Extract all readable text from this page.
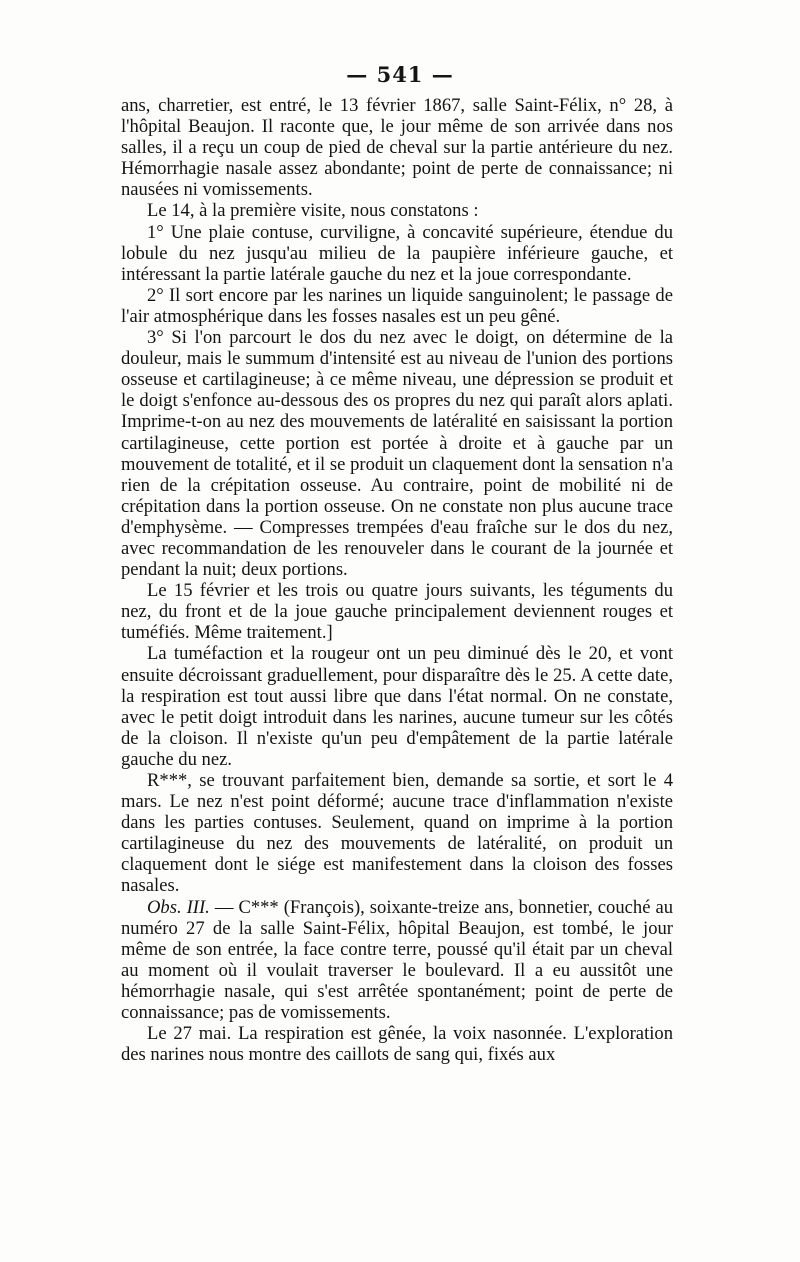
— 541 —

ans, charretier, est entré, le 13 février 1867, salle Saint-Félix, n° 28, à l'hôpital Beaujon. Il raconte que, le jour même de son arrivée dans nos salles, il a reçu un coup de pied de cheval sur la partie antérieure du nez. Hémorrhagie nasale assez abondante; point de perte de connaissance; ni nausées ni vomissements.

Le 14, à la première visite, nous constatons :

1° Une plaie contuse, curviligne, à concavité supérieure, étendue du lobule du nez jusqu'au milieu de la paupière inférieure gauche, et intéressant la partie latérale gauche du nez et la joue correspondante.

2° Il sort encore par les narines un liquide sanguinolent; le passage de l'air atmosphérique dans les fosses nasales est un peu gêné.

3° Si l'on parcourt le dos du nez avec le doigt, on détermine de la douleur, mais le summum d'intensité est au niveau de l'union des portions osseuse et cartilagineuse; à ce même niveau, une dépression se produit et le doigt s'enfonce au-dessous des os propres du nez qui paraît alors aplati. Imprime-t-on au nez des mouvements de latéralité en saisissant la portion cartilagineuse, cette portion est portée à droite et à gauche par un mouvement de totalité, et il se produit un claquement dont la sensation n'a rien de la crépitation osseuse. Au contraire, point de mobilité ni de crépitation dans la portion osseuse. On ne constate non plus aucune trace d'emphysème. — Compresses trempées d'eau fraîche sur le dos du nez, avec recommandation de les renouveler dans le courant de la journée et pendant la nuit; deux portions.

Le 15 février et les trois ou quatre jours suivants, les téguments du nez, du front et de la joue gauche principalement deviennent rouges et tuméfiés. Même traitement.]

La tuméfaction et la rougeur ont un peu diminué dès le 20, et vont ensuite décroissant graduellement, pour disparaître dès le 25. A cette date, la respiration est tout aussi libre que dans l'état normal. On ne constate, avec le petit doigt introduit dans les narines, aucune tumeur sur les côtés de la cloison. Il n'existe qu'un peu d'empâtement de la partie latérale gauche du nez.

R***, se trouvant parfaitement bien, demande sa sortie, et sort le 4 mars. Le nez n'est point déformé; aucune trace d'inflammation n'existe dans les parties contuses. Seulement, quand on imprime à la portion cartilagineuse du nez des mouvements de latéralité, on produit un claquement dont le siége est manifestement dans la cloison des fosses nasales.

Obs. III. — C*** (François), soixante-treize ans, bonnetier, couché au numéro 27 de la salle Saint-Félix, hôpital Beaujon, est tombé, le jour même de son entrée, la face contre terre, poussé qu'il était par un cheval au moment où il voulait traverser le boulevard. Il a eu aussitôt une hémorrhagie nasale, qui s'est arrêtée spontanément; point de perte de connaissance; pas de vomissements.

Le 27 mai. La respiration est gênée, la voix nasonnée. L'exploration des narines nous montre des caillots de sang qui, fixés aux
